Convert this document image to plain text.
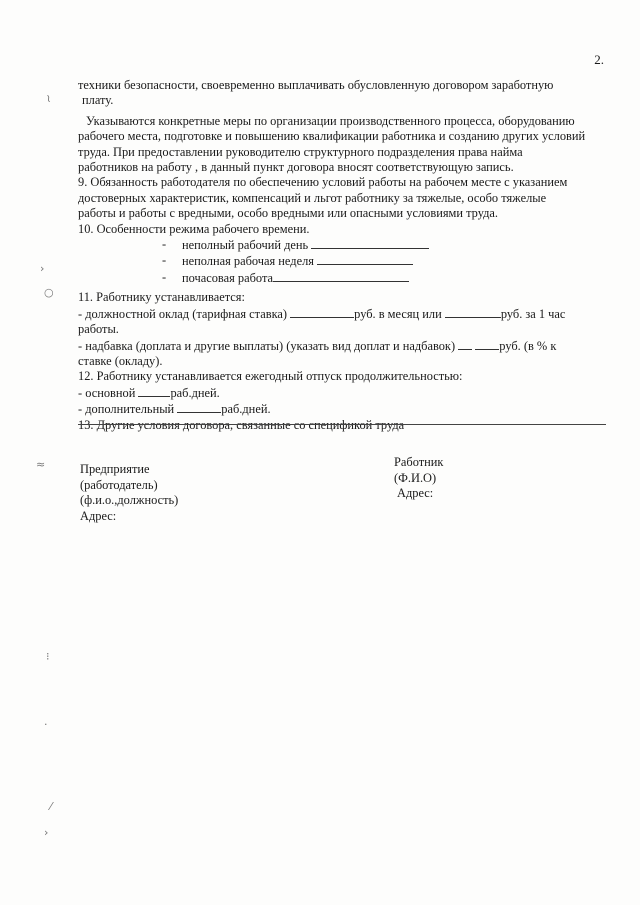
2.

техники безопасности, своевременно выплачивать обусловленную договором заработную
плату.

Указываются конкретные меры по организации производственного процесса, оборудованию
рабочего места, подготовке и повышению квалификации работника и созданию других условий
труда. При предоставлении руководителю структурного подразделения права найма
работников на работу , в данный пункт договора вносят соответствующую запись.

9. Обязанность работодателя по обеспечению условий работы на рабочем месте с указанием
достоверных характеристик, компенсаций и льгот работнику за тяжелые, особо тяжелые
работы и работы с вредными, особо вредными или опасными условиями труда.

10. Особенности режима рабочего времени.

- неполный рабочий день
- неполная рабочая неделя
- почасовая работа

11. Работнику устанавливается:
- должностной оклад (тарифная ставка)	руб. в месяц или	руб. за 1 час
работы.
- надбавка (доплата и другие выплаты) (указать вид доплат и надбавок)	руб. (в % к
ставке (окладу).

12. Работнику устанавливается ежегодный отпуск продолжительностью:
- основной	раб.дней.
- дополнительный	раб.дней.

13. Другие условия договора, связанные со спецификой труда

Предприятие
(работодатель)
(ф.и.о.,должность)
Адрес:
Работник
(Ф.И.О)
Адрес:
~
›
○
≈
⁝
·
⁄
›
